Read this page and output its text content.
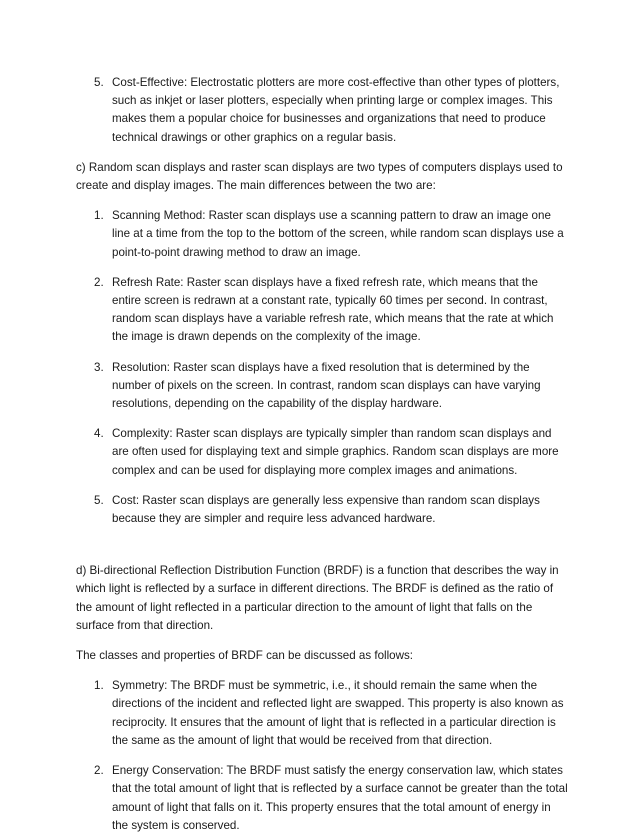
5. Cost-Effective: Electrostatic plotters are more cost-effective than other types of plotters, such as inkjet or laser plotters, especially when printing large or complex images. This makes them a popular choice for businesses and organizations that need to produce technical drawings or other graphics on a regular basis.

c) Random scan displays and raster scan displays are two types of computers displays used to create and display images. The main differences between the two are:

1. Scanning Method: Raster scan displays use a scanning pattern to draw an image one line at a time from the top to the bottom of the screen, while random scan displays use a point-to-point drawing method to draw an image.
2. Refresh Rate: Raster scan displays have a fixed refresh rate, which means that the entire screen is redrawn at a constant rate, typically 60 times per second. In contrast, random scan displays have a variable refresh rate, which means that the rate at which the image is drawn depends on the complexity of the image.
3. Resolution: Raster scan displays have a fixed resolution that is determined by the number of pixels on the screen. In contrast, random scan displays can have varying resolutions, depending on the capability of the display hardware.
4. Complexity: Raster scan displays are typically simpler than random scan displays and are often used for displaying text and simple graphics. Random scan displays are more complex and can be used for displaying more complex images and animations.
5. Cost: Raster scan displays are generally less expensive than random scan displays because they are simpler and require less advanced hardware.

d) Bi-directional Reflection Distribution Function (BRDF) is a function that describes the way in which light is reflected by a surface in different directions. The BRDF is defined as the ratio of the amount of light reflected in a particular direction to the amount of light that falls on the surface from that direction.

The classes and properties of BRDF can be discussed as follows:

1. Symmetry: The BRDF must be symmetric, i.e., it should remain the same when the directions of the incident and reflected light are swapped. This property is also known as reciprocity. It ensures that the amount of light that is reflected in a particular direction is the same as the amount of light that would be received from that direction.
2. Energy Conservation: The BRDF must satisfy the energy conservation law, which states that the total amount of light that is reflected by a surface cannot be greater than the total amount of light that falls on it. This property ensures that the total amount of energy in the system is conserved.
